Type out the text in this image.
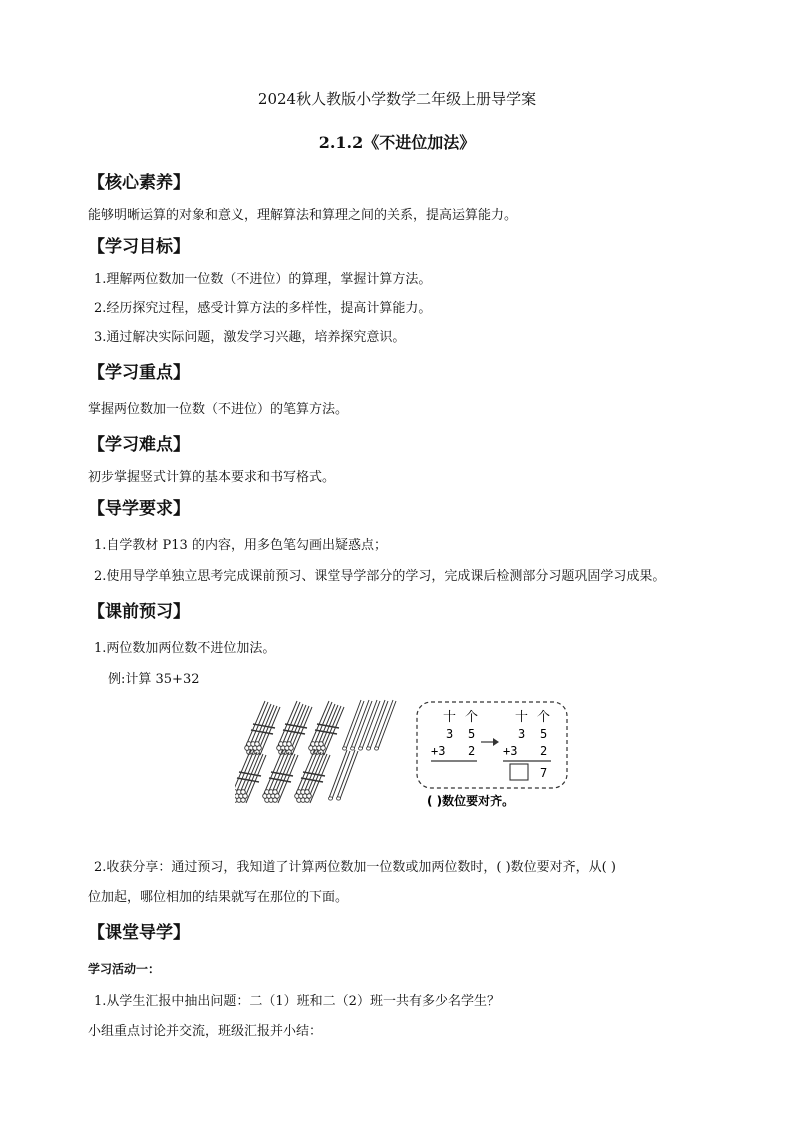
2024秋人教版小学数学二年级上册导学案
2.1.2《不进位加法》
【核心素养】
能够明晰运算的对象和意义，理解算法和算理之间的关系，提高运算能力。
【学习目标】
1.理解两位数加一位数（不进位）的算理，掌握计算方法。
2.经历探究过程，感受计算方法的多样性，提高计算能力。
3.通过解决实际问题，激发学习兴趣，培养探究意识。
【学习重点】
掌握两位数加一位数（不进位）的笔算方法。
【学习难点】
初步掌握竖式计算的基本要求和书写格式。
【导学要求】
1.自学教材 P13 的内容，用多色笔勾画出疑惑点；
2.使用导学单独立思考完成课前预习、课堂导学部分的学习，完成课后检测部分习题巩固学习成果。
【课前预习】
1.两位数加两位数不进位加法。
例:计算 35+32
十 个
3 5
+3 2
十 个
3 5
+3 2
7
( )数位要对齐。
2.收获分享：通过预习，我知道了计算两位数加一位数或加两位数时，( )数位要对齐，从( )
位加起，哪位相加的结果就写在那位的下面。
【课堂导学】
学习活动一：
1.从学生汇报中抽出问题：二（1）班和二（2）班一共有多少名学生？
小组重点讨论并交流，班级汇报并小结：
